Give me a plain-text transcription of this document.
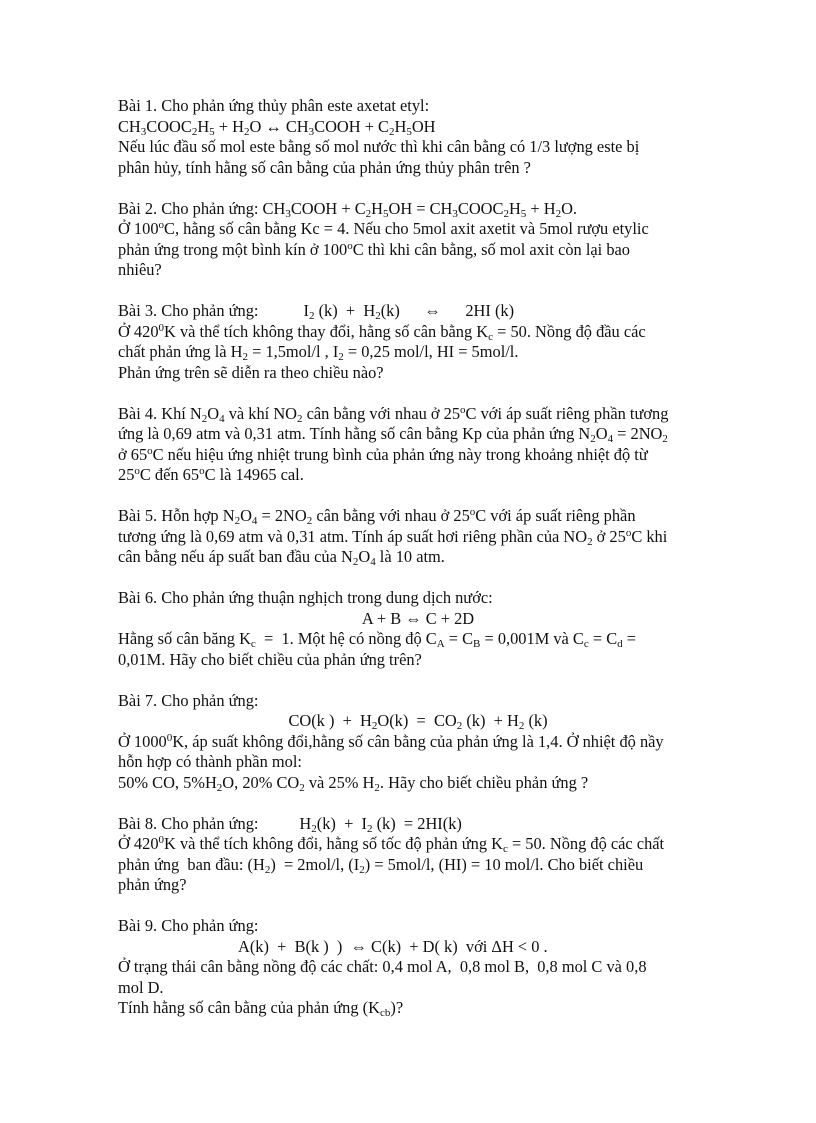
Bài 1. Cho phản ứng thủy phân este axetat etyl:
$CH_3COOC_2H_5 + H_2O$ ↔ $CH_3COOH + C_2H_5OH$
Nếu lúc đầu số mol este bằng số mol nước thì khi cân bằng có 1/3 lượng este bị
phân hủy, tính hằng số cân bằng của phản ứng thủy phân trên ?
Bài 2. Cho phản ứng: $CH_3COOH + C_2H_5OH$ = $CH_3COOC_2H_5 + H_2O$.
Ở 100$^o$C, hằng số cân bằng Kc = 4. Nếu cho 5mol axit axetit và 5mol rượu etylic
phản ứng trong một bình kín ở 100$^o$C thì khi cân bằng, số mol axit còn lại bao
nhiêu?
Bài 3. Cho phản ứng:           $I_2$ $(k) + H_2(k)$      ⇔      2HI (k)
Ở $420^0K$ và thể tích không thay đổi, hằng số cân bằng $K_c = 50$. Nồng độ đầu các
chất phản ứng là $H_2 = 1,5mol/l$ , $I_2 = 0,25$ mol/l, HI = 5mol/l.
Phản ứng trên sẽ diễn ra theo chiều nào?
Bài 4. Khí $N_2O_4$ và khí $NO_2$ cân bằng với nhau ở 25$^o$C với áp suất riêng phần tương
ứng là 0,69 atm và 0,31 atm. Tính hằng số cân bằng Kp của phản ứng $N_2O_4 = 2NO_2$
ở 65$^o$C nếu hiệu ứng nhiệt trung bình của phản ứng này trong khoảng nhiệt độ từ
25$^o$C đến 65$^o$C là 14965 cal.
Bài 5. Hỗn hợp $N_2O_4 = 2NO_2$ cân bằng với nhau ở 25$^o$C với áp suất riêng phần
tương ứng là 0,69 atm và 0,31 atm. Tính áp suất hơi riêng phần của $NO_2$ ở 25$^o$C khi
cân bằng nếu áp suất ban đầu của $N_2O_4$ là 10 atm.
Bài 6. Cho phản ứng thuận nghịch trong dung dịch nước:
A + B ⇔ C + 2D
Hằng số cân băng $K_c = 1$. Một hệ có nồng độ $C_A = C_B = 0,001M$ và $C_c = C_d$ =
0,01M. Hãy cho biết chiều của phản ứng trên?
Bài 7. Cho phản ứng:
CO(k )  +  $H_2O(k) = CO_2$ $(k) + H_2$ (k)
Ở 1000$^0$K, áp suất không đổi,hằng số cân bằng của phản ứng là 1,4. Ở nhiệt độ nầy
hỗn hợp có thành phần mol:
50% CO, $5\%H_2O$, 20% $CO_2$ và 25% $H_2$. Hãy cho biết chiều phản ứng ?
Bài 8. Cho phản ứng:          $H_2(k) + I_2$ (k)  = 2HI(k)
Ở $420^0K$ và thể tích không đổi, hằng số tốc độ phản ứng $K_c = 50$. Nồng độ các chất
phản ứng  ban đầu: $(H_2) = 2mol/l$, $(I_2) = 5mol/l$, (HI) = 10 mol/l. Cho biết chiều
phản ứng?
Bài 9. Cho phản ứng:
A(k)  +  B(k )  )  ⇔ C(k)  + D( k)  với ΔH < 0 .
Ở trạng thái cân bằng nồng độ các chất: 0,4 mol A,  0,8 mol B,  0,8 mol C và 0,8
mol D.
Tính hằng số cân bằng của phản ứng $(K_{cb})$?
